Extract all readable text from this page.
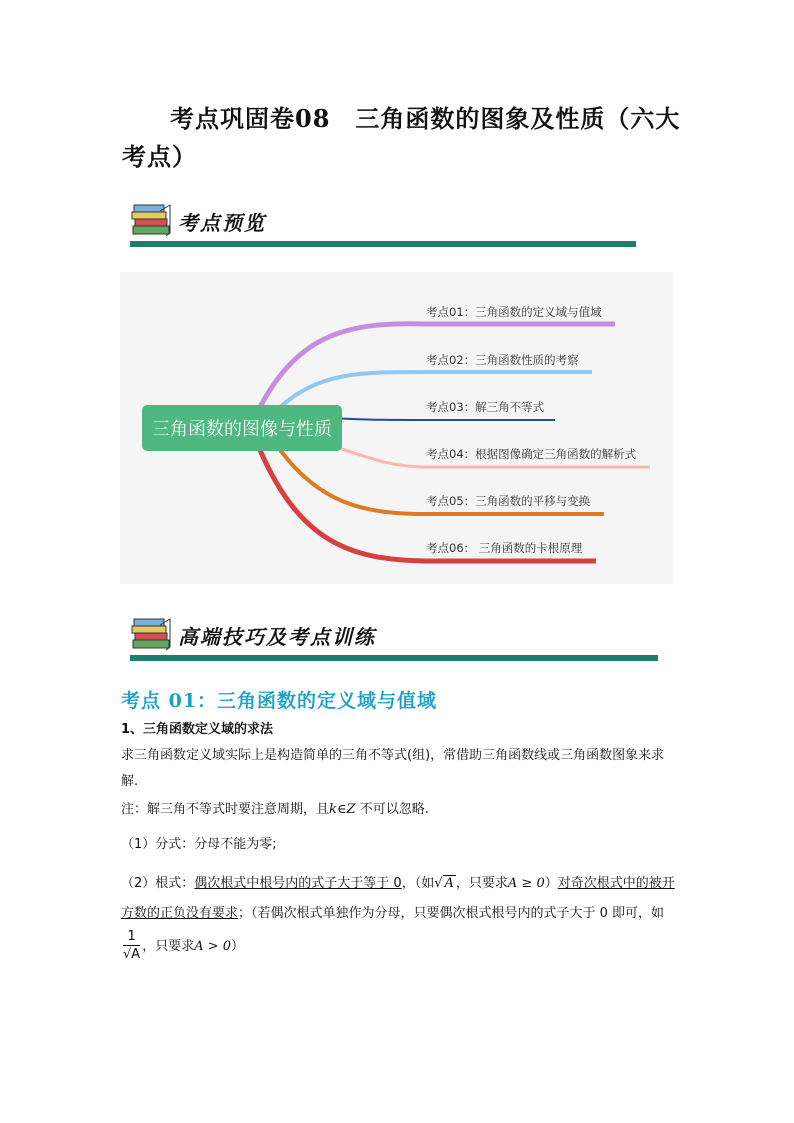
考点巩固卷08　三角函数的图象及性质（六大考点）
考点预览
三角函数的图像与性质
考点01：三角函数的定义域与值域
考点02：三角函数性质的考察
考点03：解三角不等式
考点04：根据图像确定三角函数的解析式
考点05：三角函数的平移与变换
考点06： 三角函数的卡根原理
高端技巧及考点训练
考点 01：三角函数的定义域与值域
1、三角函数定义域的求法
求三角函数定义域实际上是构造简单的三角不等式(组)，常借助三角函数线或三角函数图象来求解.
注：解三角不等式时要注意周期，且k∈Z 不可以忽略.
（1）分式：分母不能为零;
（2）根式：偶次根式中根号内的式子大于等于 0，（如√ A ，只要求A ≥ 0）对奇次根式中的被开方数的正负没有要求；（若偶次根式单独作为分母，只要偶次根式根号内的式子大于 0 即可，如
$\frac{1}{√A}$ ，只要求A > 0）
